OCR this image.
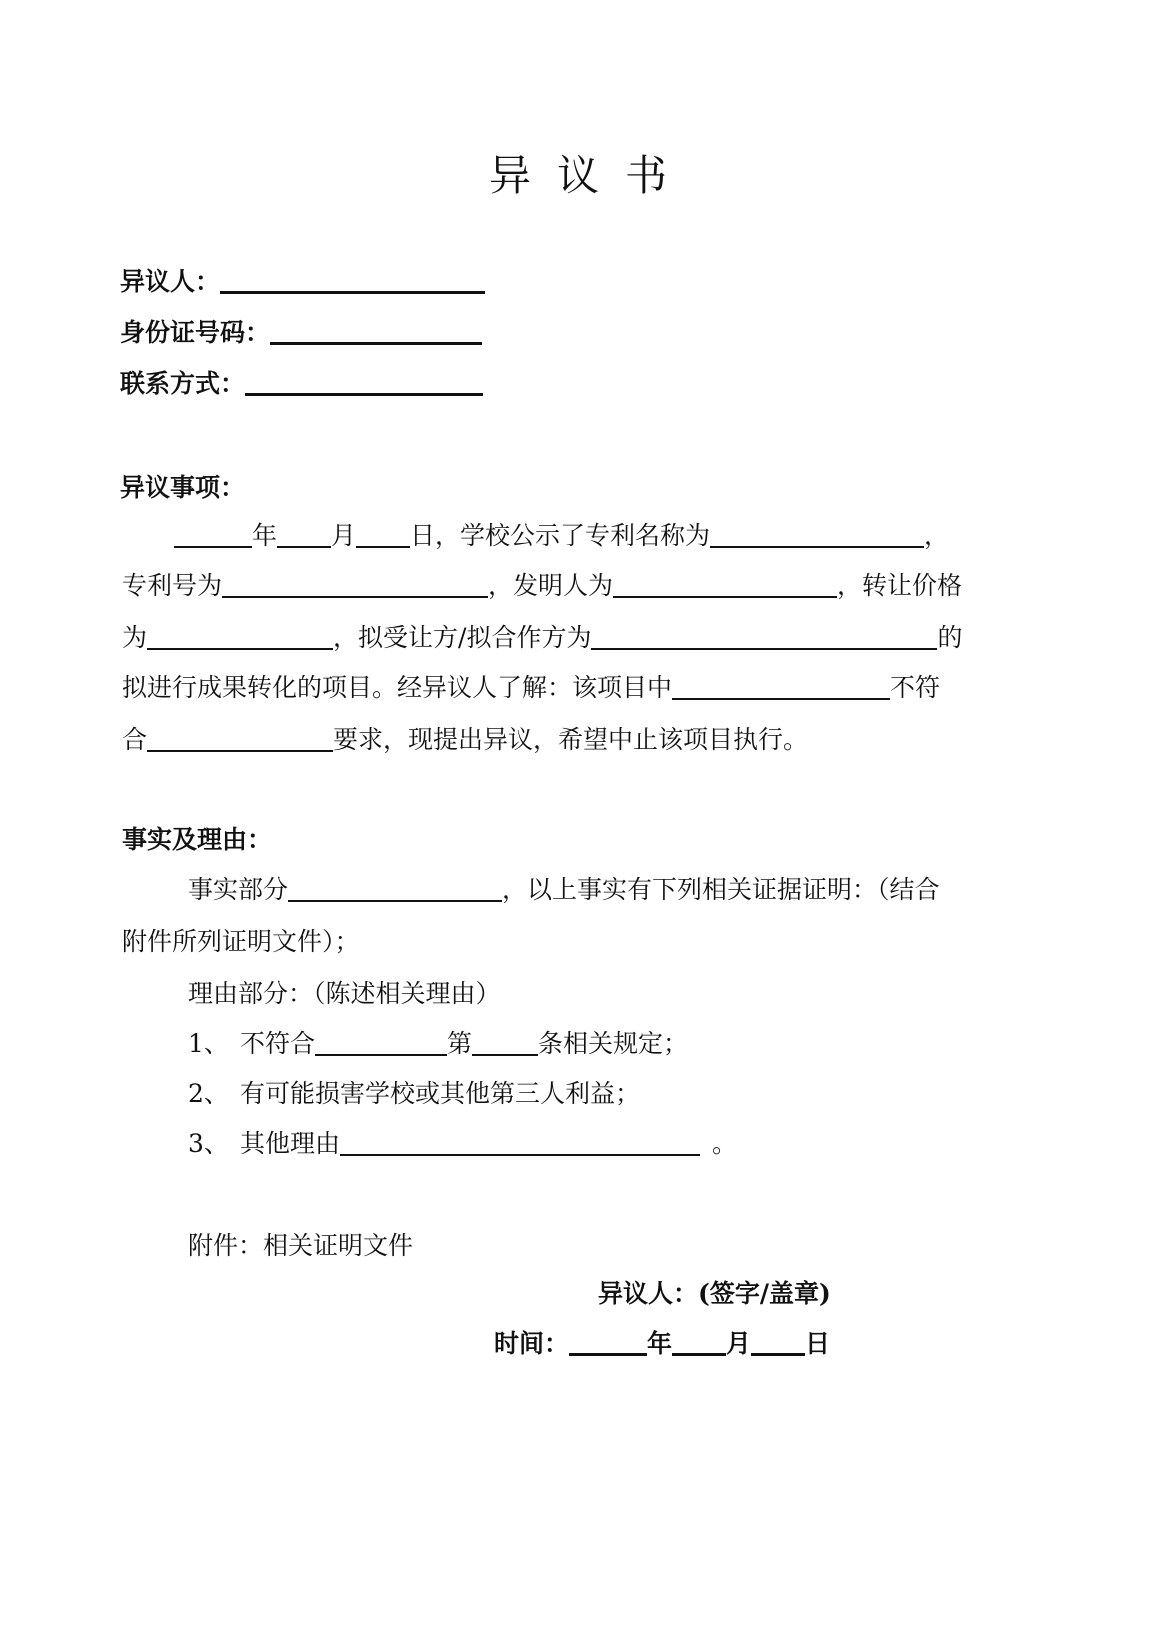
异议书
异议人：
身份证号码：
联系方式：
异议事项：
年 月 日，学校公示了专利名称为	，
专利号为	，发明人为	，转让价格
为	，拟受让方/拟合作方为	的
拟进行成果转化的项目。经异议人了解：该项目中	不符
合	要求，现提出异议，希望中止该项目执行。
事实及理由：
事实部分	，以上事实有下列相关证据证明：（结合
附件所列证明文件）；
理由部分：（陈述相关理由）
1、 不符合	第	条相关规定；
2、 有可能损害学校或其他第三人利益；
3、 其他理由	。
附件：相关证明文件
异议人：(签字/盖章)
时间：	年 月 日
